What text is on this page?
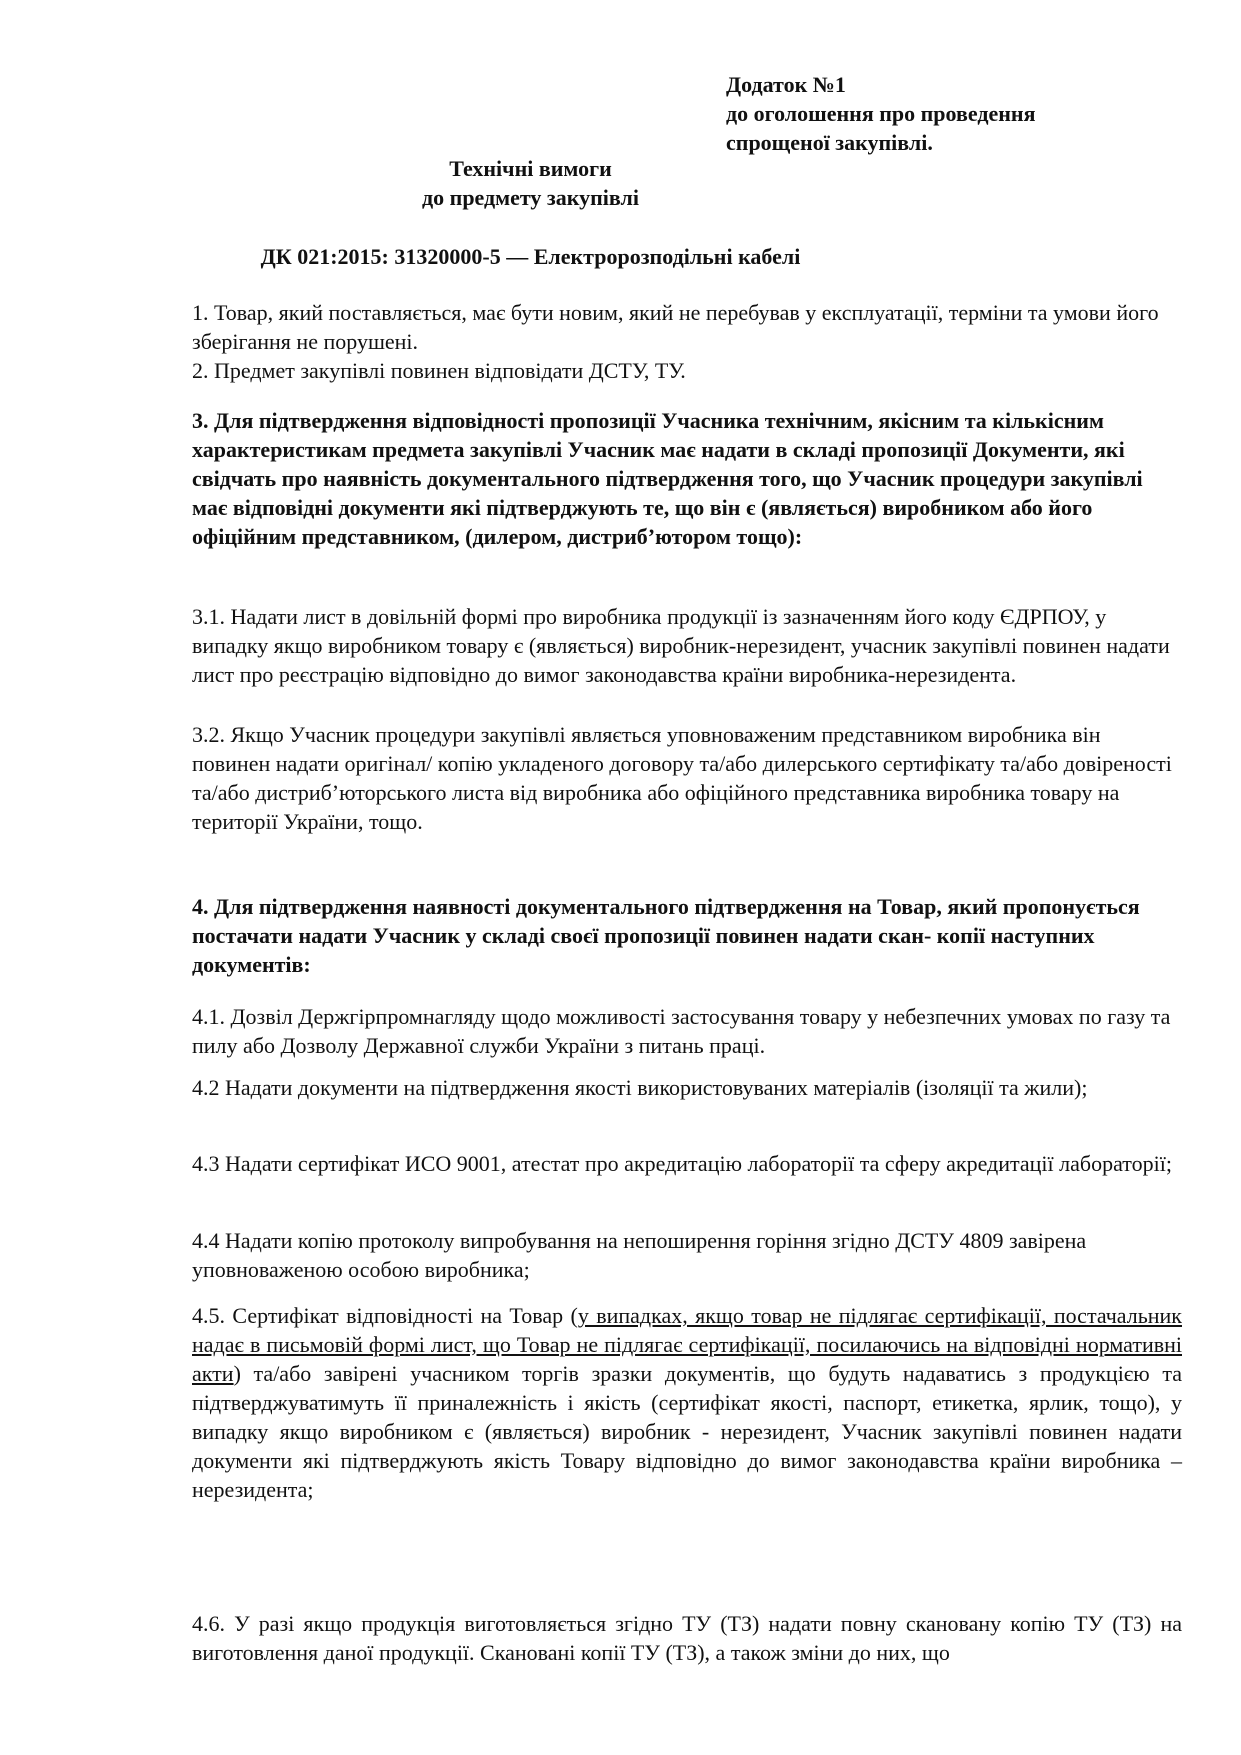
Додаток №1
до оголошення про проведення
спрощеної закупівлі.
Технічні вимоги
до предмету закупівлі
ДК 021:2015: 31320000-5 — Електророзподільні кабелі

1. Товар, який поставляється, має бути новим, який не перебував у експлуатації, терміни та умови його зберігання не порушені.

2. Предмет закупівлі повинен відповідати ДСТУ, ТУ.

3. Для підтвердження відповідності пропозиції Учасника технічним, якісним та кількісним характеристикам предмета закупівлі Учасник має надати в складі пропозиції Документи, які свідчать про наявність документального підтвердження того, що Учасник процедури закупівлі має відповідні документи які підтверджують те, що він є (являється) виробником або його офіційним представником, (дилером, дистриб’ютором тощо):

3.1. Надати лист в довільній формі про виробника продукції із зазначенням його коду ЄДРПОУ, у випадку якщо виробником товару є (являється) виробник-нерезидент, учасник закупівлі повинен надати лист про реєстрацію відповідно до вимог законодавства країни виробника-нерезидента.

3.2. Якщо Учасник процедури закупівлі являється уповноваженим представником виробника він повинен надати оригінал/ копію укладеного договору та/або дилерського сертифікату та/або довіреності та/або дистриб’юторського листа від виробника або офіційного представника виробника товару на території України, тощо.

4. Для підтвердження наявності документального підтвердження на Товар, який пропонується постачати надати Учасник у складі своєї пропозиції повинен надати скан- копії наступних документів:

4.1. Дозвіл Держгірпромнагляду щодо можливості застосування товару у небезпечних умовах по газу та пилу або Дозволу Державної служби України з питань праці.

4.2 Надати документи на підтвердження якості використовуваних матеріалів (ізоляції та жили);

4.3 Надати сертифікат ИСО 9001, атестат про акредитацію лабораторії та сферу акредитації лабораторії;

4.4 Надати копію протоколу випробування на непоширення горіння згідно ДСТУ 4809 завірена уповноваженою особою виробника;

4.5. Сертифікат відповідності на Товар (у випадках, якщо товар не підлягає сертифікації, постачальник надає в письмовій формі лист, що Товар не підлягає сертифікації, посилаючись на відповідні нормативні акти) та/або завірені учасником торгів зразки документів, що будуть надаватись з продукцією та підтверджуватимуть її приналежність і якість (сертифікат якості, паспорт, етикетка, ярлик, тощо), у випадку якщо виробником є (являється) виробник - нерезидент, Учасник закупівлі повинен надати документи які підтверджують якість Товару відповідно до вимог законодавства країни виробника – нерезидента;

4.6. У разі якщо продукція виготовляється згідно ТУ (ТЗ) надати повну скановану копію ТУ (ТЗ) на виготовлення даної продукції. Скановані копії ТУ (ТЗ), а також зміни до них, що
